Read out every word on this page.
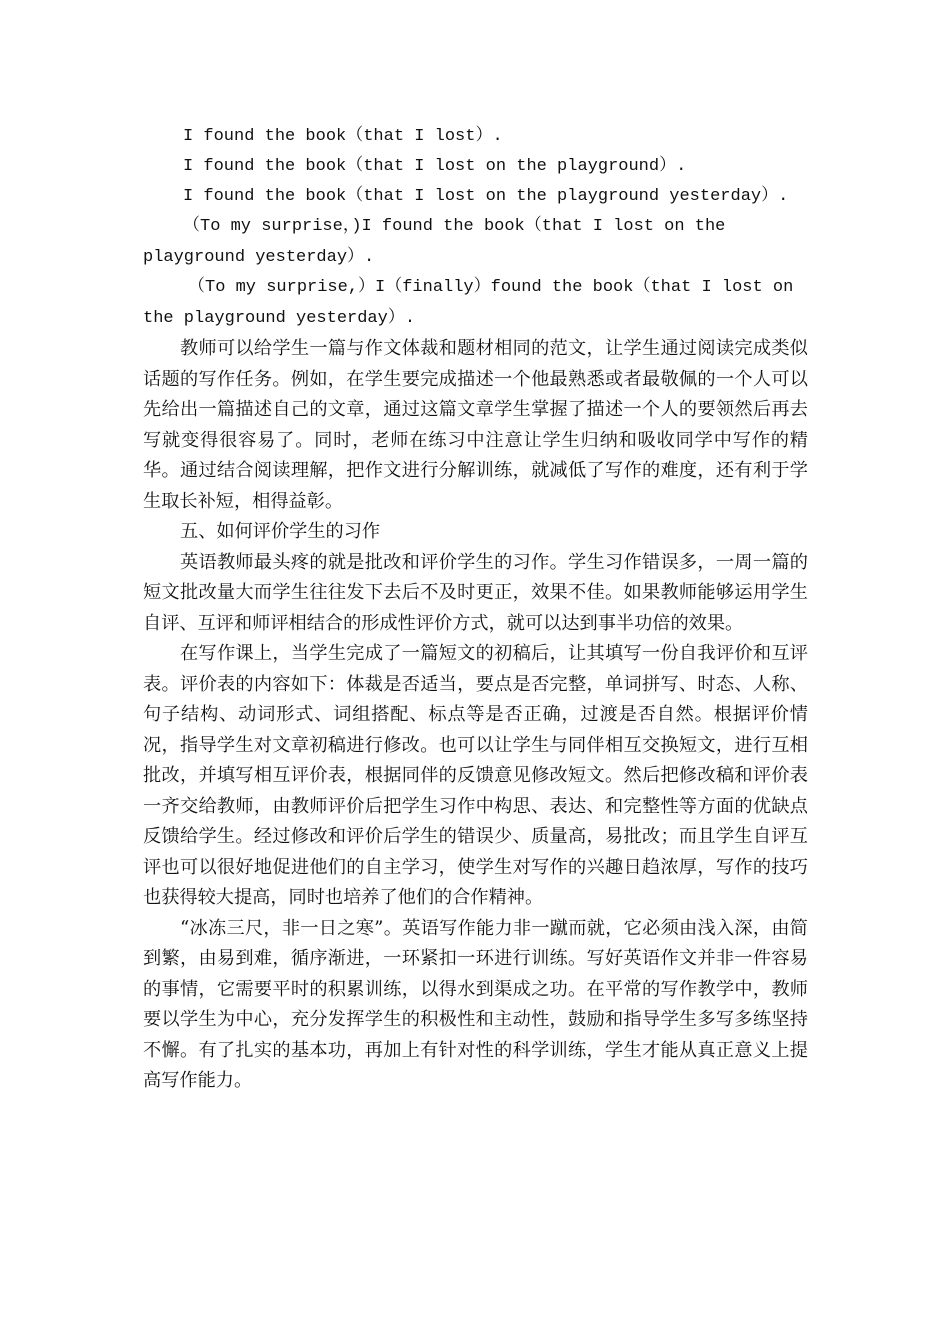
I found the book（that I lost）.
I found the book（that I lost on the playground）.
I found the book（that I lost on the playground yesterday）.

（To my surprise，)I found the book（that I lost on the playground yesterday）.

（To my surprise,）I（finally）found the book（that I lost on the playground yesterday）.

教师可以给学生一篇与作文体裁和题材相同的范文，让学生通过阅读完成类似话题的写作任务。例如，在学生要完成描述一个他最熟悉或者最敬佩的一个人可以先给出一篇描述自己的文章，通过这篇文章学生掌握了描述一个人的要领然后再去写就变得很容易了。同时，老师在练习中注意让学生归纳和吸收同学中写作的精华。通过结合阅读理解，把作文进行分解训练，就减低了写作的难度，还有利于学生取长补短，相得益彰。

五、如何评价学生的习作

英语教师最头疼的就是批改和评价学生的习作。学生习作错误多，一周一篇的短文批改量大而学生往往发下去后不及时更正，效果不佳。如果教师能够运用学生自评、互评和师评相结合的形成性评价方式，就可以达到事半功倍的效果。

在写作课上，当学生完成了一篇短文的初稿后，让其填写一份自我评价和互评表。评价表的内容如下：体裁是否适当，要点是否完整，单词拼写、时态、人称、句子结构、动词形式、词组搭配、标点等是否正确，过渡是否自然。根据评价情况，指导学生对文章初稿进行修改。也可以让学生与同伴相互交换短文，进行互相批改，并填写相互评价表，根据同伴的反馈意见修改短文。然后把修改稿和评价表一齐交给教师，由教师评价后把学生习作中构思、表达、和完整性等方面的优缺点反馈给学生。经过修改和评价后学生的错误少、质量高，易批改；而且学生自评互评也可以很好地促进他们的自主学习，使学生对写作的兴趣日趋浓厚，写作的技巧也获得较大提高，同时也培养了他们的合作精神。

“冰冻三尺，非一日之寒”。英语写作能力非一蹴而就，它必须由浅入深，由简到繁，由易到难，循序渐进，一环紧扣一环进行训练。写好英语作文并非一件容易的事情，它需要平时的积累训练，以得水到渠成之功。在平常的写作教学中，教师要以学生为中心，充分发挥学生的积极性和主动性，鼓励和指导学生多写多练坚持不懈。有了扎实的基本功，再加上有针对性的科学训练，学生才能从真正意义上提高写作能力。
